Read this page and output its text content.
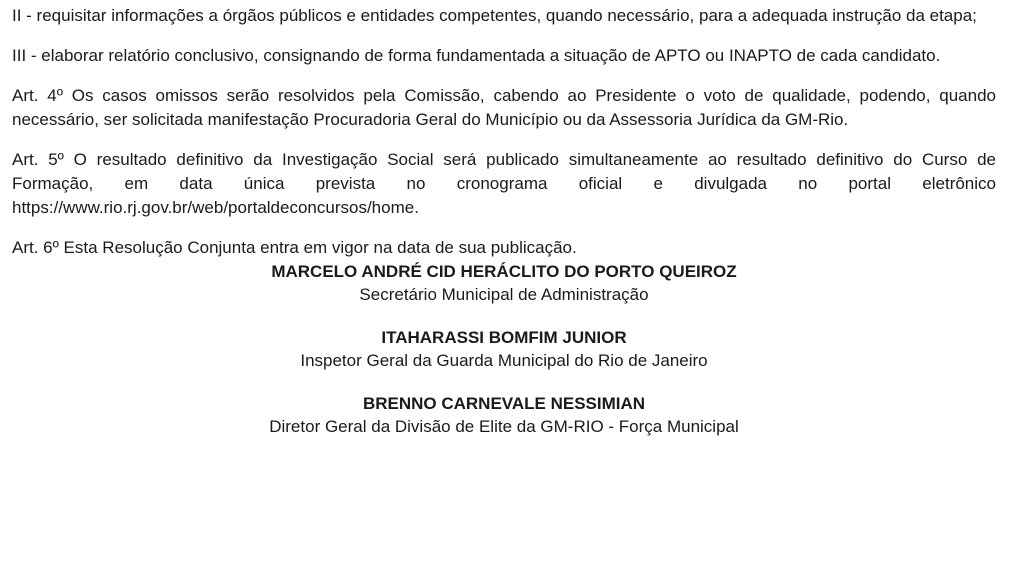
II - requisitar informações a órgãos públicos e entidades competentes, quando necessário, para a adequada instrução da etapa;

III - elaborar relatório conclusivo, consignando de forma fundamentada a situação de APTO ou INAPTO de cada candidato.

Art. 4º Os casos omissos serão resolvidos pela Comissão, cabendo ao Presidente o voto de qualidade, podendo, quando necessário, ser solicitada manifestação Procuradoria Geral do Município ou da Assessoria Jurídica da GM-Rio.

Art. 5º O resultado definitivo da Investigação Social será publicado simultaneamente ao resultado definitivo do Curso de Formação, em data única prevista no cronograma oficial e divulgada no portal eletrônico https://www.rio.rj.gov.br/web/portaldeconcursos/home.

Art. 6º Esta Resolução Conjunta entra em vigor na data de sua publicação.

MARCELO ANDRÉ CID HERÁCLITO DO PORTO QUEIROZ

Secretário Municipal de Administração

ITAHARASSI BOMFIM JUNIOR

Inspetor Geral da Guarda Municipal do Rio de Janeiro

BRENNO CARNEVALE NESSIMIAN

Diretor Geral da Divisão de Elite da GM-RIO - Força Municipal
